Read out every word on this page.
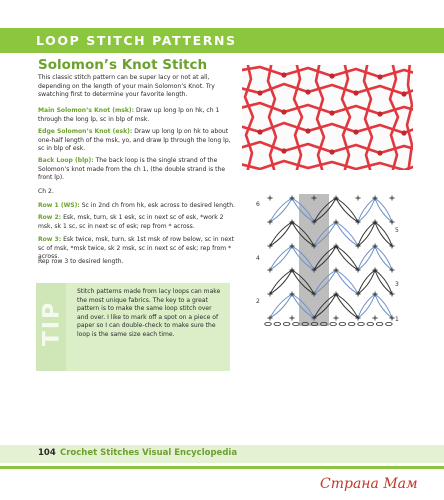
LOOP STITCH PATTERNS
Solomon’s Knot Stitch

This classic stitch pattern can be super lacy or not at all, depending on the length of your main Solomon’s Knot. Try swatching first to determine your favorite length.

Main Solomon’s Knot (msk): Draw up long lp on hk, ch 1 through the long lp, sc in blp of msk.

Edge Solomon’s Knot (esk): Draw up long lp on hk to about one-half length of the msk, yo, and draw lp through the long lp, sc in blp of esk.

Back Loop (blp): The back loop is the single strand of the Solomon’s knot made from the ch 1, (the double strand is the front lp).

Ch 2.

Row 1 (WS): Sc in 2nd ch from hk, esk across to desired length.

Row 2: Esk, msk, turn, sk 1 esk, sc in next sc of esk, *work 2 msk, sk 1 sc, sc in next sc of esk; rep from * across.

Row 3: Esk twice, msk, turn, sk 1st msk of row below, sc in next sc of msk, *msk twice, sk 2 msk, sc in next sc of esk; rep from * across.

Rep row 3 to desired length.

6
4
2
5
3
1
TIP
Stitch patterns made from lacy loops can make the most unique fabrics. The key to a great pattern is to make the same loop stitch over and over. I like to mark off a spot on a piece of paper so I can double-check to make sure the loop is the same size each time.
104 Crochet Stitches Visual Encyclopedia
Страна Мам
